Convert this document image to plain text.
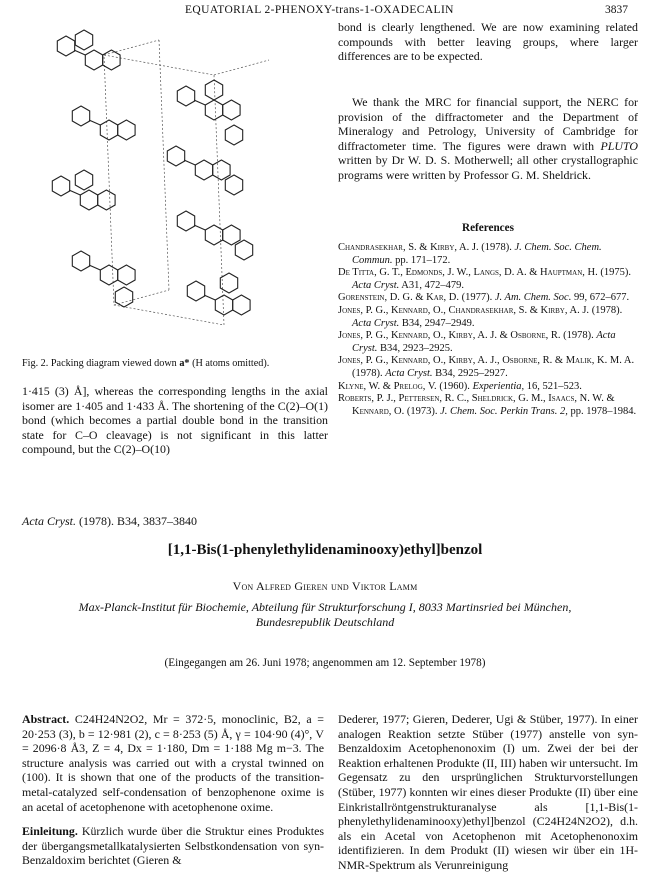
EQUATORIAL 2-PHENOXY-trans-1-OXADECALIN	3837
Fig. 2. Packing diagram viewed down a* (H atoms omitted).
1·415 (3) Å], whereas the corresponding lengths in the axial isomer are 1·405 and 1·433 Å. The shortening of the C(2)–O(1) bond (which becomes a partial double bond in the transition state for C–O cleavage) is not significant in this latter compound, but the C(2)–O(10)
bond is clearly lengthened. We are now examining related compounds with better leaving groups, where larger differences are to be expected.
We thank the MRC for financial support, the NERC for provision of the diffractometer and the Department of Mineralogy and Petrology, University of Cambridge for diffractometer time. The figures were drawn with PLUTO written by Dr W. D. S. Motherwell; all other crystallographic programs were written by Professor G. M. Sheldrick.
References

Chandrasekhar, S. & Kirby, A. J. (1978). J. Chem. Soc. Chem. Commun. pp. 171–172.

De Titta, G. T., Edmonds, J. W., Langs, D. A. & Hauptman, H. (1975). Acta Cryst. A31, 472–479.

Gorenstein, D. G. & Kar, D. (1977). J. Am. Chem. Soc. 99, 672–677.

Jones, P. G., Kennard, O., Chandrasekhar, S. & Kirby, A. J. (1978). Acta Cryst. B34, 2947–2949.

Jones, P. G., Kennard, O., Kirby, A. J. & Osborne, R. (1978). Acta Cryst. B34, 2923–2925.

Jones, P. G., Kennard, O., Kirby, A. J., Osborne, R. & Malik, K. M. A. (1978). Acta Cryst. B34, 2925–2927.

Klyne, W. & Prelog, V. (1960). Experientia, 16, 521–523.

Roberts, P. J., Pettersen, R. C., Sheldrick, G. M., Isaacs, N. W. & Kennard, O. (1973). J. Chem. Soc. Perkin Trans. 2, pp. 1978–1984.

Acta Cryst. (1978). B34, 3837–3840
[1,1-Bis(1-phenylethylidenaminooxy)ethyl]benzol
Von Alfred Gieren und Viktor Lamm
Max-Planck-Institut für Biochemie, Abteilung für Strukturforschung I, 8033 Martinsried bei München,
Bundesrepublik Deutschland
(Eingegangen am 26. Juni 1978; angenommen am 12. September 1978)
Abstract. C24H24N2O2, Mr = 372·5, monoclinic, B2, a = 20·253 (3), b = 12·981 (2), c = 8·253 (5) Å, γ = 104·90 (4)°, V = 2096·8 Å3, Z = 4, Dx = 1·180, Dm = 1·188 Mg m−3. The structure analysis was carried out with a crystal twinned on (100). It is shown that one of the products of the transition-metal-catalyzed self-condensation of benzophenone oxime is an acetal of acetophenone with acetophenone oxime.
Einleitung. Kürzlich wurde über die Struktur eines Produktes der übergangsmetallkatalysierten Selbstkondensation von syn-Benzaldoxim berichtet (Gieren &
Dederer, 1977; Gieren, Dederer, Ugi & Stüber, 1977). In einer analogen Reaktion setzte Stüber (1977) anstelle von syn-Benzaldoxim Acetophenonoxim (I) um. Zwei der bei der Reaktion erhaltenen Produkte (II, III) haben wir untersucht. Im Gegensatz zu den ursprünglichen Strukturvorstellungen (Stüber, 1977) konnten wir eines dieser Produkte (II) über eine Einkristallröntgenstrukturanalyse als [1,1-Bis(1-phenylethylidenaminooxy)ethyl]benzol (C24H24N2O2), d.h. als ein Acetal von Acetophenon mit Acetophenonoxim identifizieren. In dem Produkt (II) wiesen wir über ein 1H-NMR-Spektrum als Verunreinigung
